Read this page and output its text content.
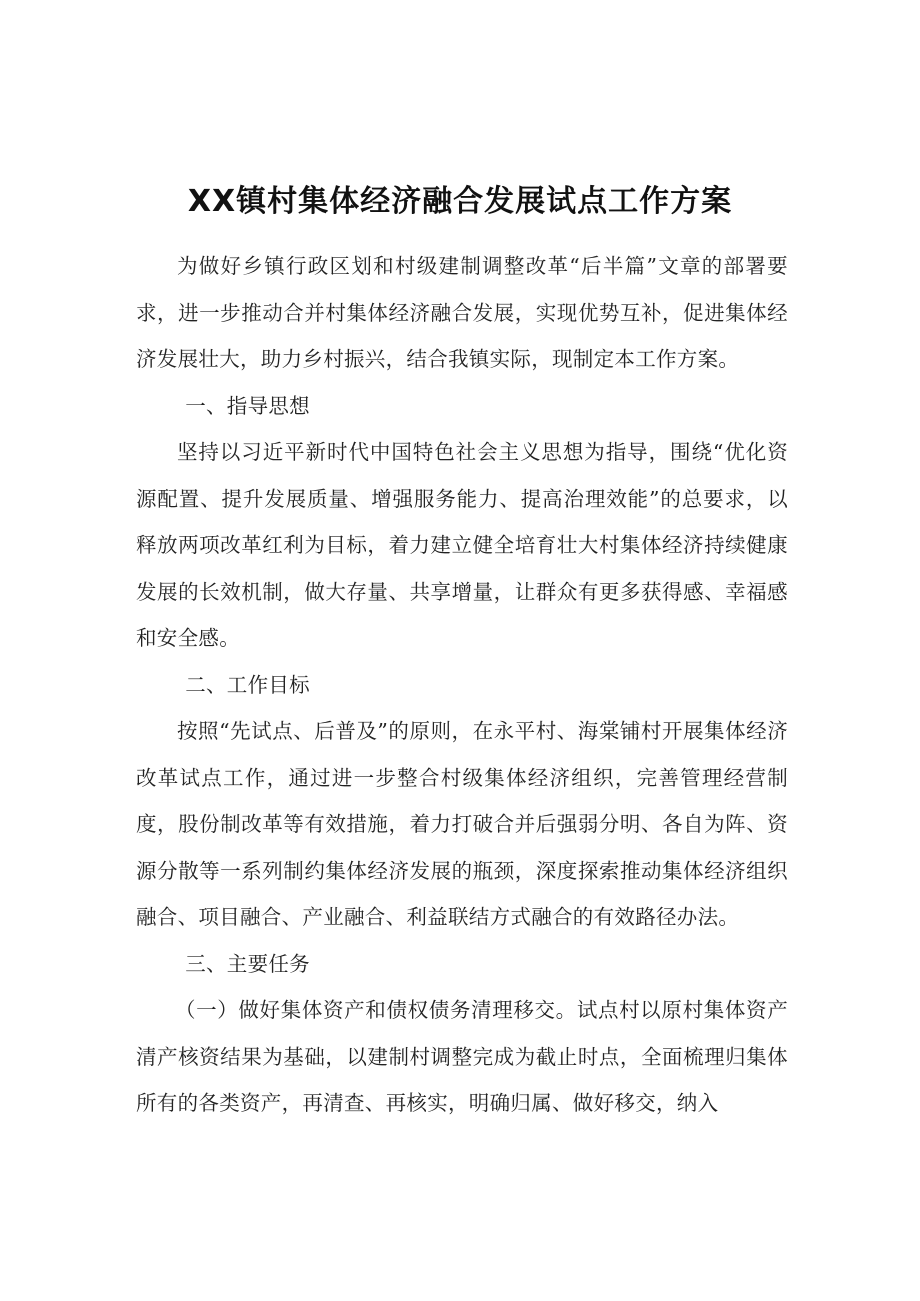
XX镇村集体经济融合发展试点工作方案

为做好乡镇行政区划和村级建制调整改革“后半篇”文章的部署要求，进一步推动合并村集体经济融合发展，实现优势互补，促进集体经济发展壮大，助力乡村振兴，结合我镇实际，现制定本工作方案。

一、指导思想

坚持以习近平新时代中国特色社会主义思想为指导，围绕“优化资源配置、提升发展质量、增强服务能力、提高治理效能”的总要求，以释放两项改革红利为目标，着力建立健全培育壮大村集体经济持续健康发展的长效机制，做大存量、共享增量，让群众有更多获得感、幸福感和安全感。

二、工作目标

按照“先试点、后普及”的原则，在永平村、海棠铺村开展集体经济改革试点工作，通过进一步整合村级集体经济组织，完善管理经营制度，股份制改革等有效措施，着力打破合并后强弱分明、各自为阵、资源分散等一系列制约集体经济发展的瓶颈，深度探索推动集体经济组织融合、项目融合、产业融合、利益联结方式融合的有效路径办法。

三、主要任务

（一）做好集体资产和债权债务清理移交。试点村以原村集体资产清产核资结果为基础，以建制村调整完成为截止时点，全面梳理归集体所有的各类资产，再清查、再核实，明确归属、做好移交，纳入
